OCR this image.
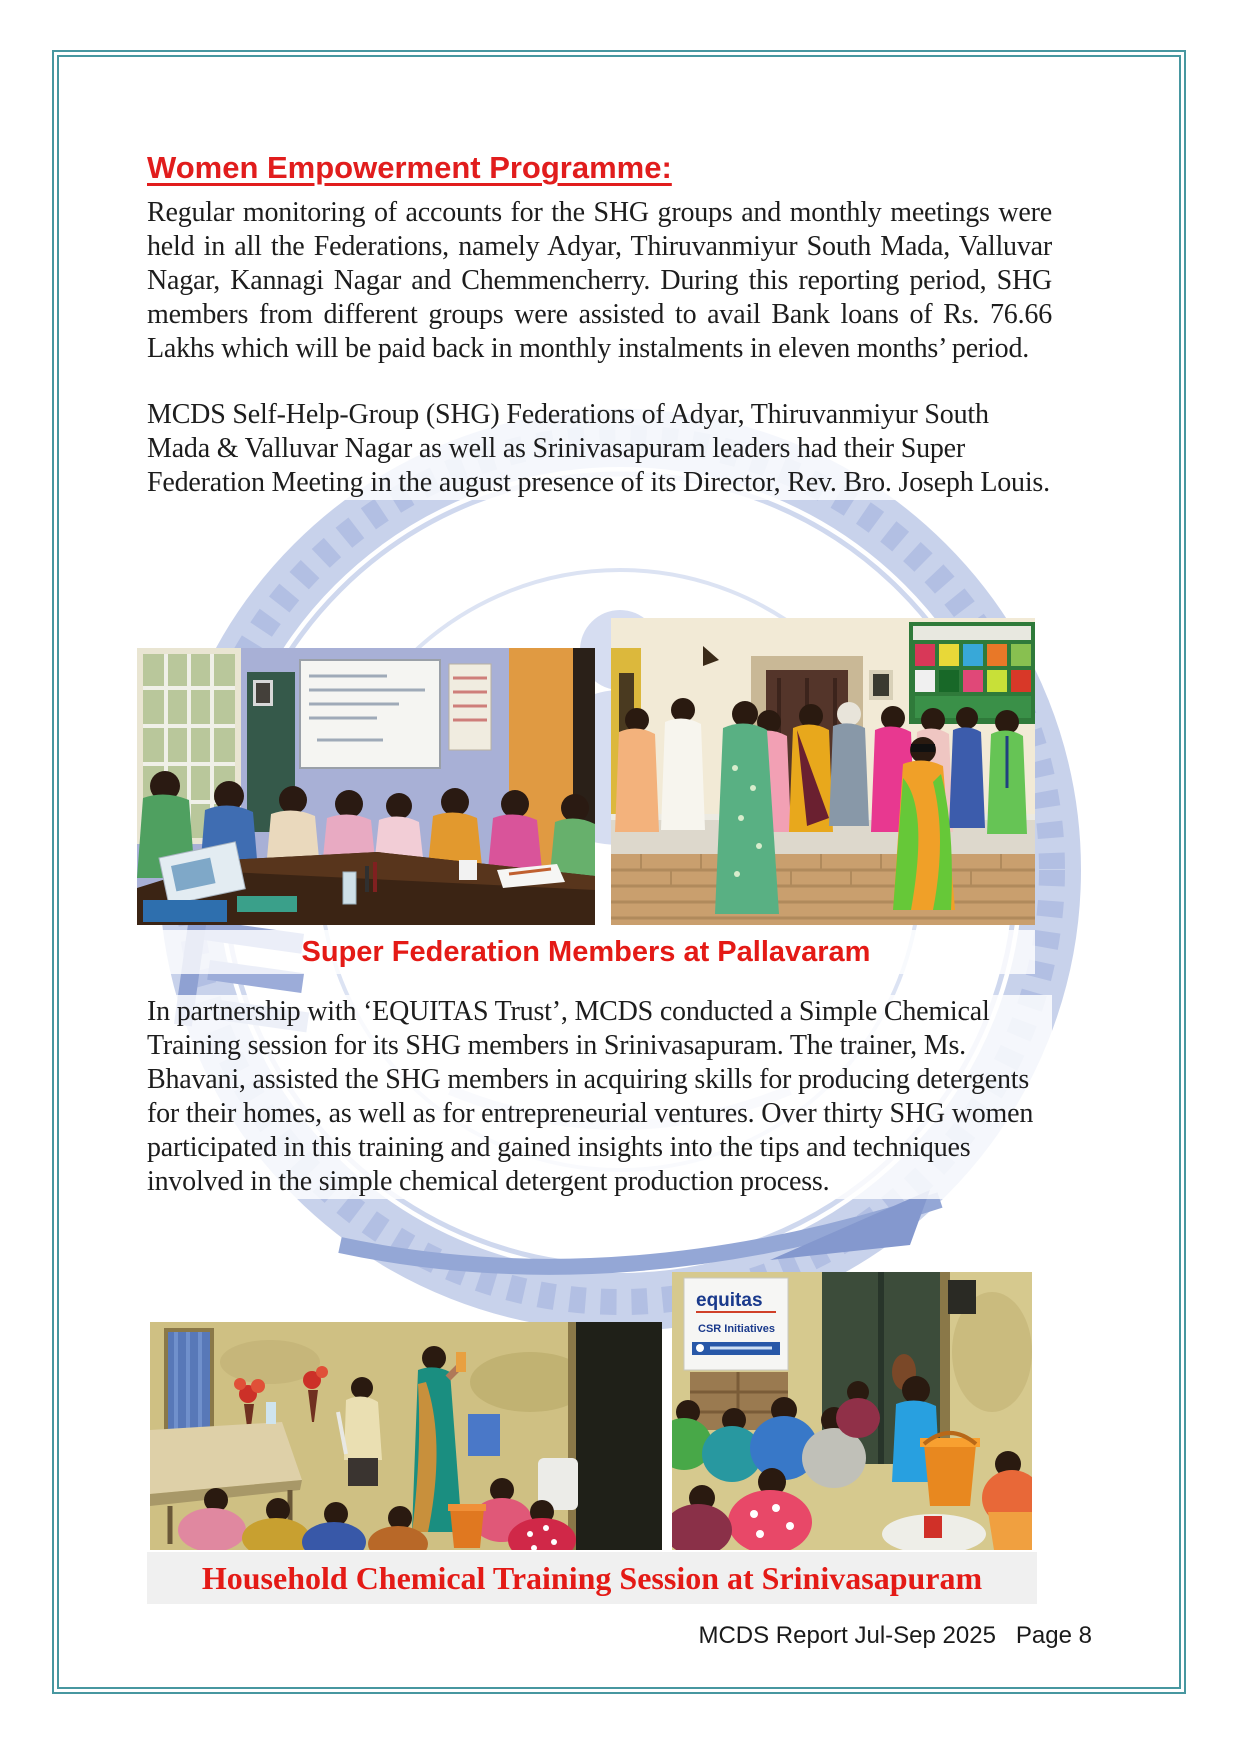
Women Empowerment Programme:

Regular monitoring of accounts for the SHG groups and monthly meetings were held in all the Federations, namely Adyar, Thiruvanmiyur South Mada, Valluvar Nagar, Kannagi Nagar and Chemmencherry. During this reporting period, SHG members from different groups were assisted to avail Bank loans of Rs. 76.66 Lakhs which will be paid back in monthly instalments in eleven months’ period.

MCDS Self-Help-Group (SHG) Federations of Adyar, Thiruvanmiyur South Mada & Valluvar Nagar as well as Srinivasapuram leaders had their Super Federation Meeting in the august presence of its Director, Rev. Bro. Joseph Louis.

Super Federation Members at Pallavaram

In partnership with ‘EQUITAS Trust’, MCDS conducted a Simple Chemical Training session for its SHG members in Srinivasapuram. The trainer, Ms. Bhavani, assisted the SHG members in acquiring skills for producing detergents for their homes, as well as for entrepreneurial ventures. Over thirty SHG women participated in this training and gained insights into the tips and techniques involved in the simple chemical detergent production process.

equitas
CSR Initiatives
Household Chemical Training Session at Srinivasapuram
MCDS Report Jul-Sep 2025   Page 8
